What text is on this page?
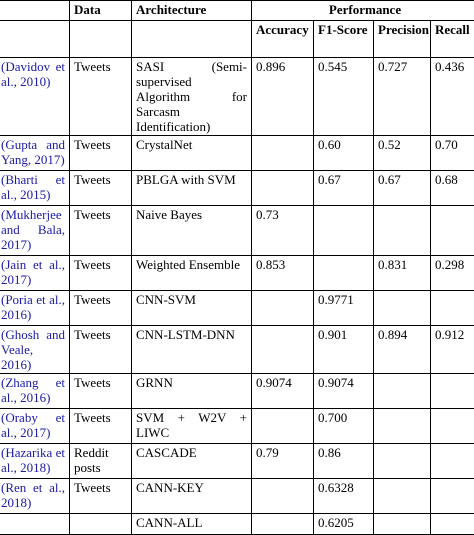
	Data	Architecture	Performance			
			Accuracy	F1-Score	Precision	Recall
(Davidov et al., 2010)	Tweets	SASI (Semi-supervised Algorithm for Sarcasm Identification)	0.896	0.545	0.727	0.436
(Gupta and Yang, 2017)	Tweets	CrystalNet		0.60	0.52	0.70
(Bharti et al., 2015)	Tweets	PBLGA with SVM		0.67	0.67	0.68
(Mukherjee and Bala, 2017)	Tweets	Naive Bayes	0.73			
(Jain et al., 2017)	Tweets	Weighted Ensemble	0.853		0.831	0.298
(Poria et al., 2016)	Tweets	CNN-SVM		0.9771		
(Ghosh and Veale, 2016)	Tweets	CNN-LSTM-DNN		0.901	0.894	0.912
(Zhang et al., 2016)	Tweets	GRNN	0.9074	0.9074		
(Oraby et al., 2017)	Tweets	SVM + W2V + LIWC		0.700		
(Hazarika et al., 2018)	Reddit posts	CASCADE	0.79	0.86		
(Ren et al., 2018)	Tweets	CANN-KEY		0.6328		
		CANN-ALL		0.6205		
